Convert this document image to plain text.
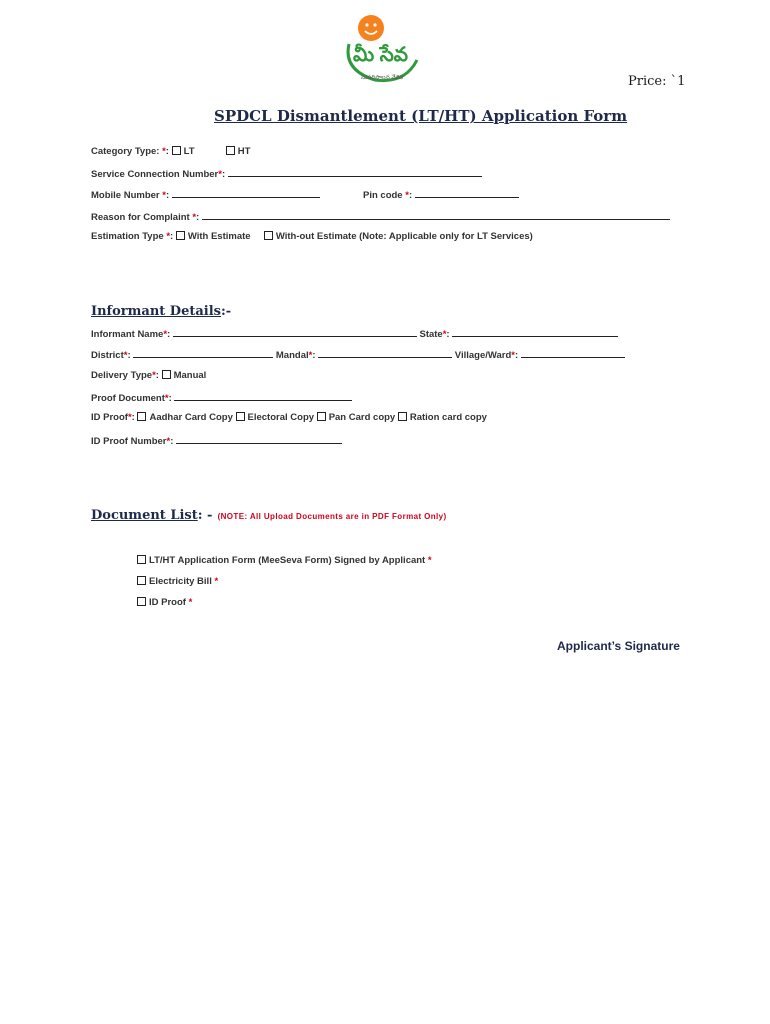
మీ సేవ
సుపరిపాలన వేదిక	Price: `1
SPDCL Dismantlement (LT/HT) Application Form
Category Type: *: LT	HT
Service Connection Number*:
Mobile Number *:	Pin code *:
Reason for Complaint *:
Estimation Type *: With Estimate	With-out Estimate (Note: Applicable only for LT Services)
Informant Details:-
Informant Name*:	State*:
District*:	Mandal*:	Village/Ward*:
Delivery Type*: Manual
Proof Document*:
ID Proof*: Aadhar Card Copy Electoral Copy Pan Card copy Ration card copy
ID Proof Number*:
Document List: - (NOTE: All Upload Documents are in PDF Format Only)
LT/HT Application Form (MeeSeva Form) Signed by Applicant *
Electricity Bill *
ID Proof *
Applicant’s Signature
